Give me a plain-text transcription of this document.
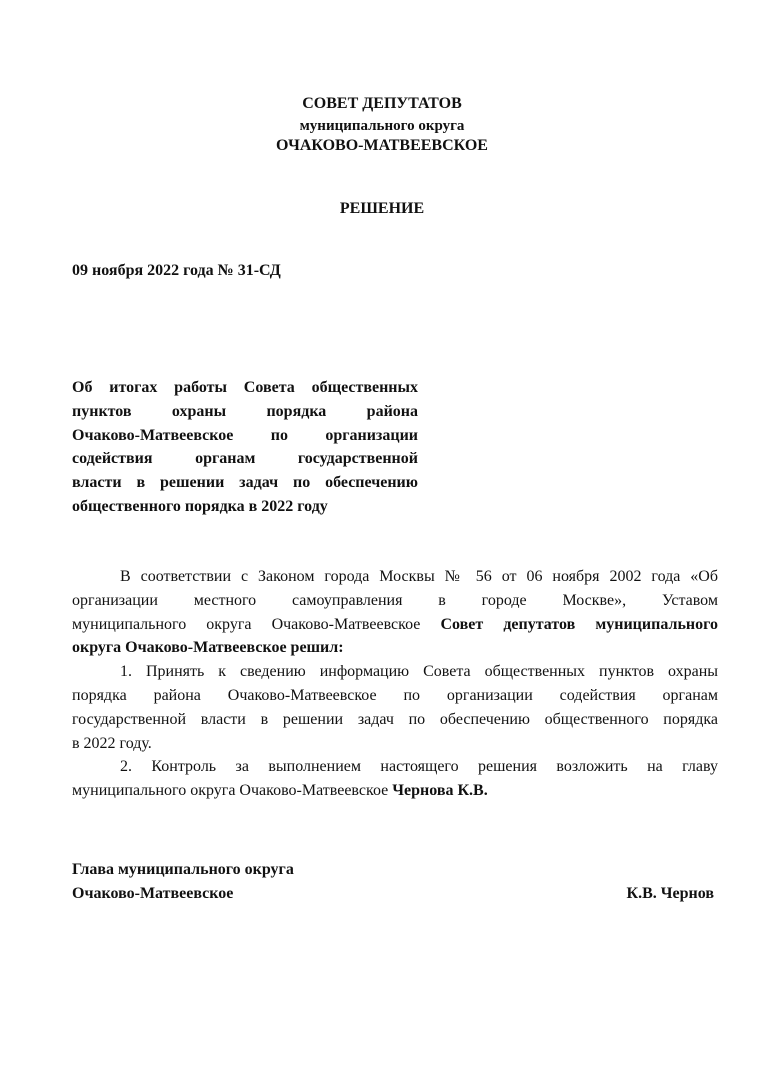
СОВЕТ ДЕПУТАТОВ
муниципального округа
ОЧАКОВО-МАТВЕЕВСКОЕ
РЕШЕНИЕ
09 ноября 2022 года № 31-СД
Об итогах работы Совета общественных
пунктов охраны порядка района
Очаково-Матвеевское по организации
содействия органам государственной
власти в решении задач по обеспечению
общественного порядка в 2022 году
В соответствии с Законом города Москвы № 56 от 06 ноября 2002 года «Об
организации местного самоуправления в городе Москве», Уставом
муниципального округа Очаково-Матвеевское Совет депутатов муниципального
округа Очаково-Матвеевское решил:
1. Принять к сведению информацию Совета общественных пунктов охраны
порядка района Очаково-Матвеевское по организации содействия органам
государственной власти в решении задач по обеспечению общественного порядка
в 2022 году.
2. Контроль за выполнением настоящего решения возложить на главу
муниципального округа Очаково-Матвеевское Чернова К.В.
Глава муниципального округа
Очаково-Матвеевское	К.В. Чернов
